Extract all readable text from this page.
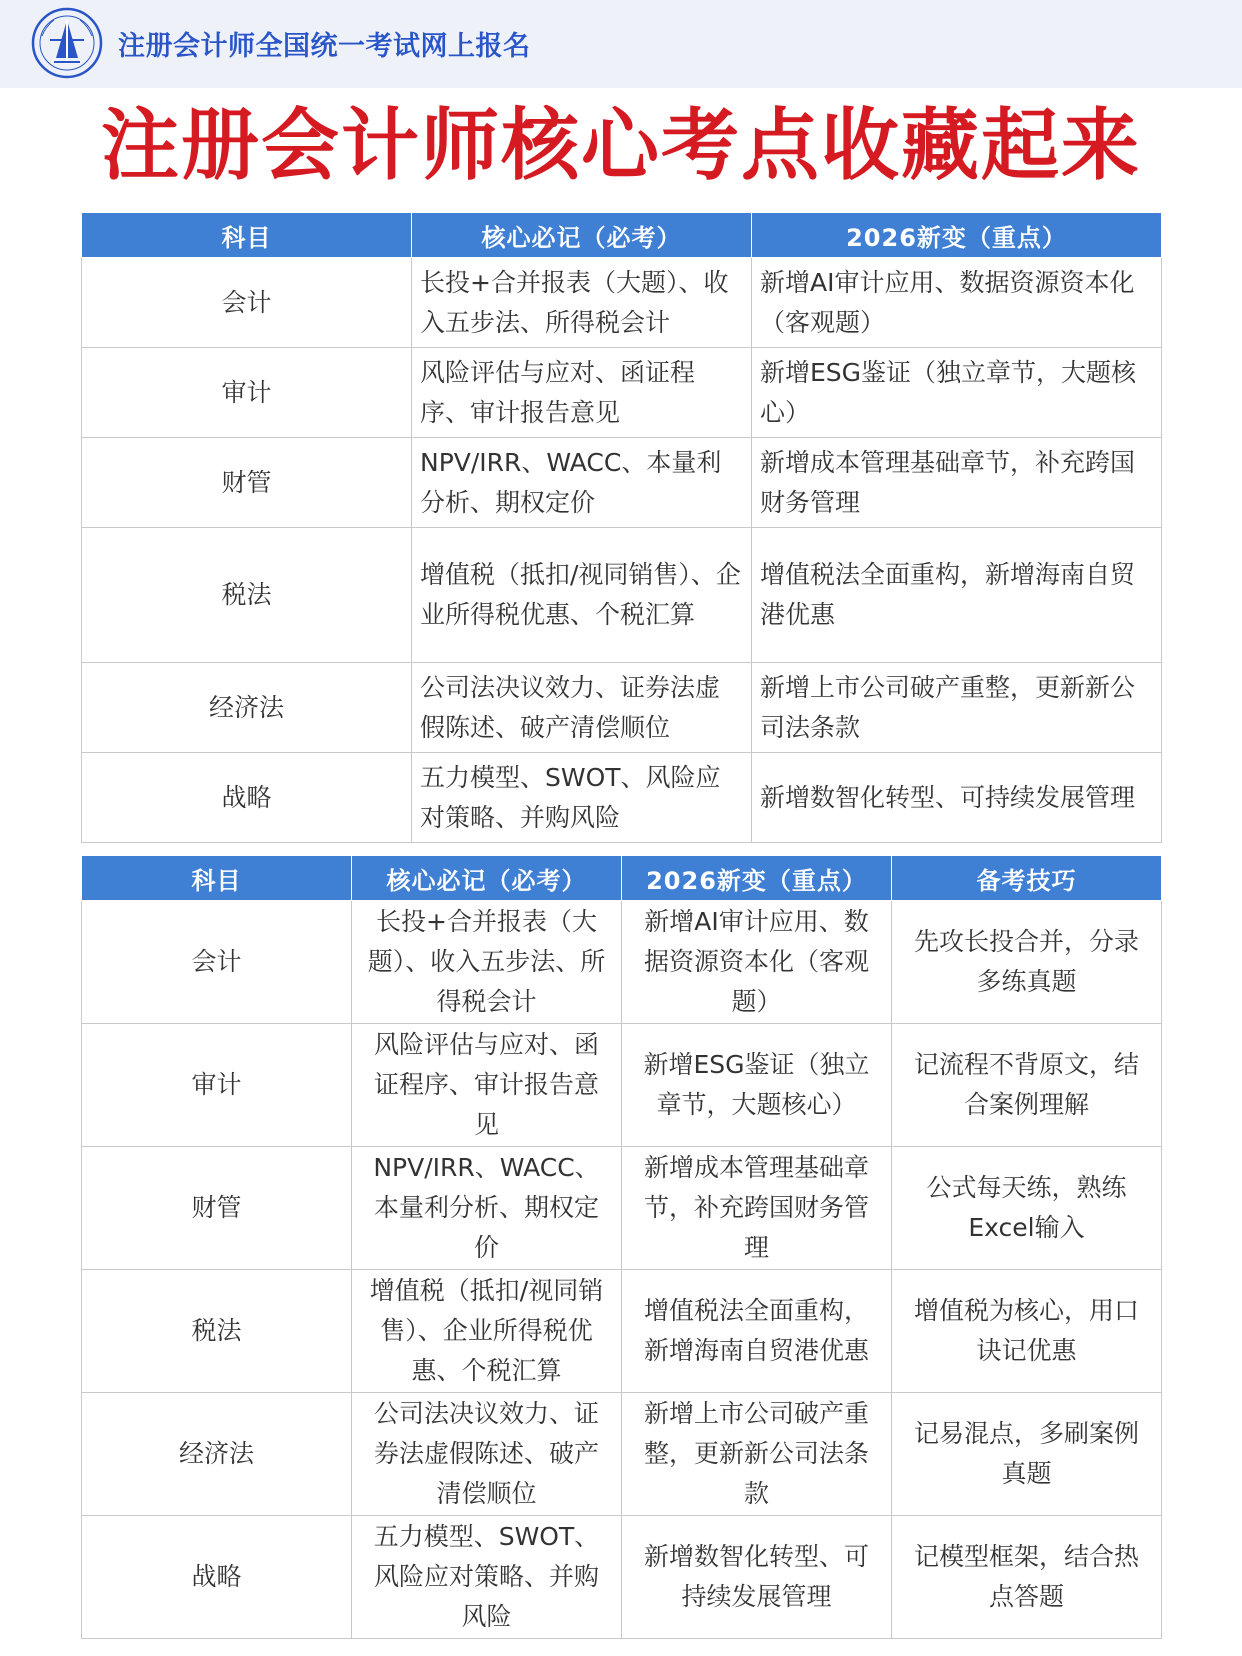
注册会计师全国统一考试网上报名
注册会计师核心考点收藏起来
科目	核心必记（必考）	2026新变（重点）
会计	长投+合并报表（大题）、收入五步法、所得税会计	新增AI审计应用、数据资源资本化（客观题）
审计	风险评估与应对、函证程序、审计报告意见	新增ESG鉴证（独立章节，大题核心）
财管	NPV/IRR、WACC、本量利分析、期权定价	新增成本管理基础章节，补充跨国财务管理
税法	增值税（抵扣/视同销售）、企业所得税优惠、个税汇算	增值税法全面重构，新增海南自贸港优惠
经济法	公司法决议效力、证券法虚假陈述、破产清偿顺位	新增上市公司破产重整，更新新公司法条款
战略	五力模型、SWOT、风险应对策略、并购风险	新增数智化转型、可持续发展管理
科目	核心必记（必考）	2026新变（重点）	备考技巧
会计	长投+合并报表（大题）、收入五步法、所得税会计	新增AI审计应用、数据资源资本化（客观题）	先攻长投合并，分录多练真题
审计	风险评估与应对、函证程序、审计报告意见	新增ESG鉴证（独立章节，大题核心）	记流程不背原文，结合案例理解
财管	NPV/IRR、WACC、本量利分析、期权定价	新增成本管理基础章节，补充跨国财务管理	公式每天练，熟练Excel输入
税法	增值税（抵扣/视同销售）、企业所得税优惠、个税汇算	增值税法全面重构，新增海南自贸港优惠	增值税为核心，用口诀记优惠
经济法	公司法决议效力、证券法虚假陈述、破产清偿顺位	新增上市公司破产重整，更新新公司法条款	记易混点，多刷案例真题
战略	五力模型、SWOT、风险应对策略、并购风险	新增数智化转型、可持续发展管理	记模型框架，结合热点答题
